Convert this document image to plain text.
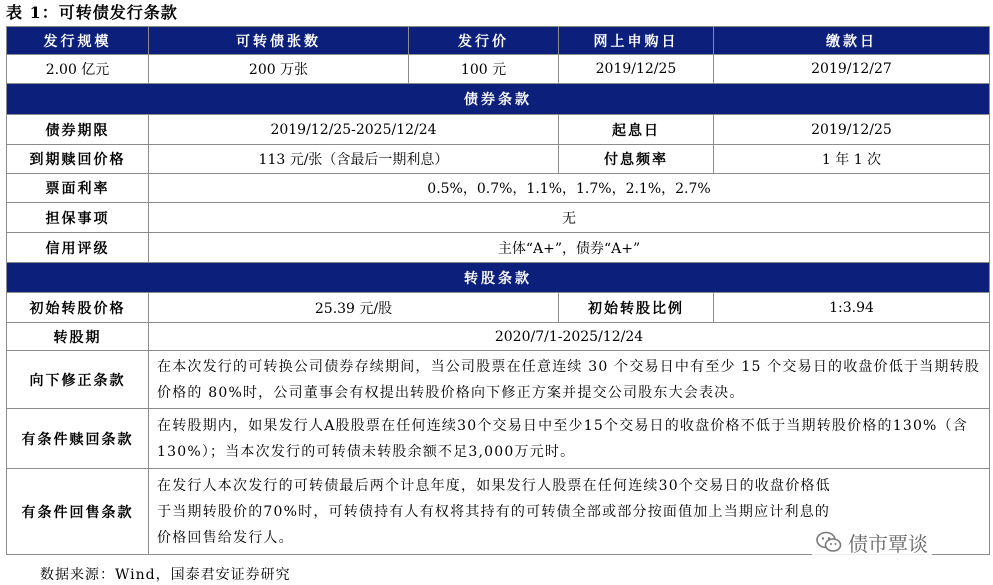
表 1：可转债发行条款
发行规模	可转债张数	发行价	网上申购日	缴款日
2.00 亿元	200 万张	100 元	2019/12/25	2019/12/27
债券条款				
债券期限	2019/12/25-2025/12/24		起息日	2019/12/25
到期赎回价格	113 元/张（含最后一期利息）		付息频率	1 年 1 次
票面利率	0.5%，0.7%，1.1%，1.7%，2.1%，2.7%			
担保事项	无			
信用评级	主体“A+”，债券“A+”			
转股条款				
初始转股价格	25.39 元/股		初始转股比例	1:3.94
转股期	2020/7/1-2025/12/24			
向下修正条款	在本次发行的可转换公司债券存续期间，当公司股票在任意连续 30 个交易日中有至少 15 个交易日的收盘价低于当期转股价格的 80%时，公司董事会有权提出转股价格向下修正方案并提交公司股东大会表决。			
有条件赎回条款	在转股期内，如果发行人A股股票在任何连续30个交易日中至少15个交易日的收盘价格不低于当期转股价格的130%（含130%）；当本次发行的可转债未转股余额不足3,000万元时。			
有条件回售条款	在发行人本次发行的可转债最后两个计息年度，如果发行人股票在任何连续30个交易日的收盘价格低于当期转股价的70%时，可转债持有人有权将其持有的可转债全部或部分按面值加上当期应计利息的价格回售给发行人。				债市覃谈
数据来源：Wind，国泰君安证券研究
